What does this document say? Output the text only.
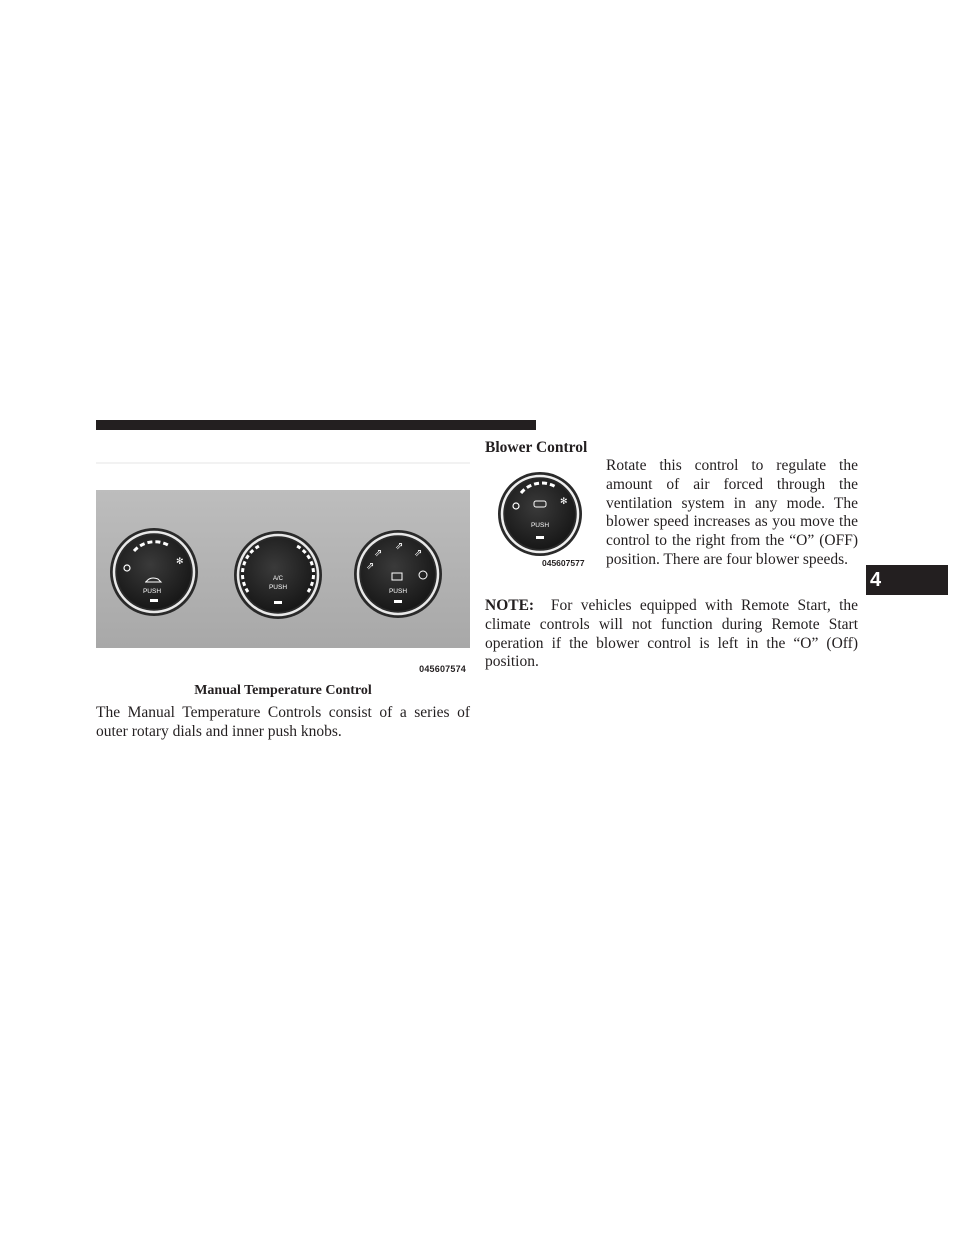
✻
PUSH
A/C
PUSH
⇗
⇗
⇗
⇗
PUSH
045607574
Manual Temperature Control

The Manual Temperature Controls consist of a series of outer rotary dials and inner push knobs.

Blower Control
✻
PUSH
045607577

Rotate this control to regulate the amount of air forced through the ventilation system in any mode. The blower speed increases as you move the control to the right from the “O” (OFF) position. There are four blower speeds.

NOTE: For vehicles equipped with Remote Start, the climate controls will not function during Remote Start operation if the blower control is left in the “O” (Off) position.

4
